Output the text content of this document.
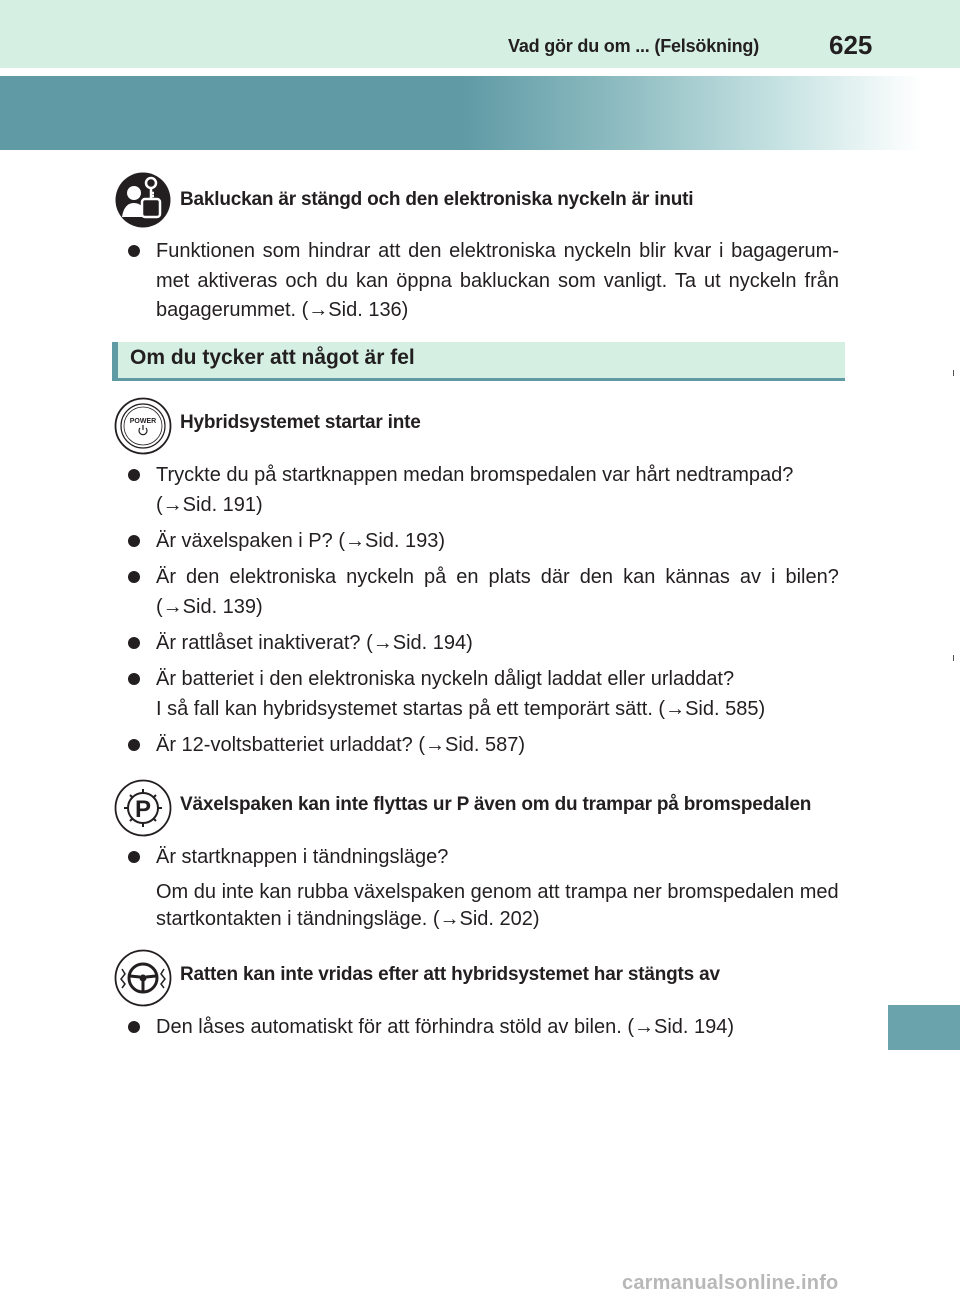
Vad gör du om ... (Felsökning)	625
Bakluckan är stängd och den elektroniska nyckeln är inuti
Funktionen som hindrar att den elektroniska nyckeln blir kvar i bagagerum-
met aktiveras och du kan öppna bakluckan som vanligt. Ta ut nyckeln från
bagagerummet. (→Sid. 136)
Om du tycker att något är fel
POWER Hybridsystemet startar inte
Tryckte du på startknappen medan bromspedalen var hårt nedtrampad?
(→Sid. 191)
Är växelspaken i P? (→Sid. 193)
Är den elektroniska nyckeln på en plats där den kan kännas av i bilen?
(→Sid. 139)
Är rattlåset inaktiverat? (→Sid. 194)
Är batteriet i den elektroniska nyckeln dåligt laddat eller urladdat?
I så fall kan hybridsystemet startas på ett temporärt sätt. (→Sid. 585)
Är 12-voltsbatteriet urladdat? (→Sid. 587)
P Växelspaken kan inte flyttas ur P även om du trampar på bromspedalen
Är startknappen i tändningsläge?
Om du inte kan rubba växelspaken genom att trampa ner bromspedalen med
startkontakten i tändningsläge. (→Sid. 202)
Ratten kan inte vridas efter att hybridsystemet har stängts av
Den låses automatiskt för att förhindra stöld av bilen. (→Sid. 194)
carmanualsonline.info
